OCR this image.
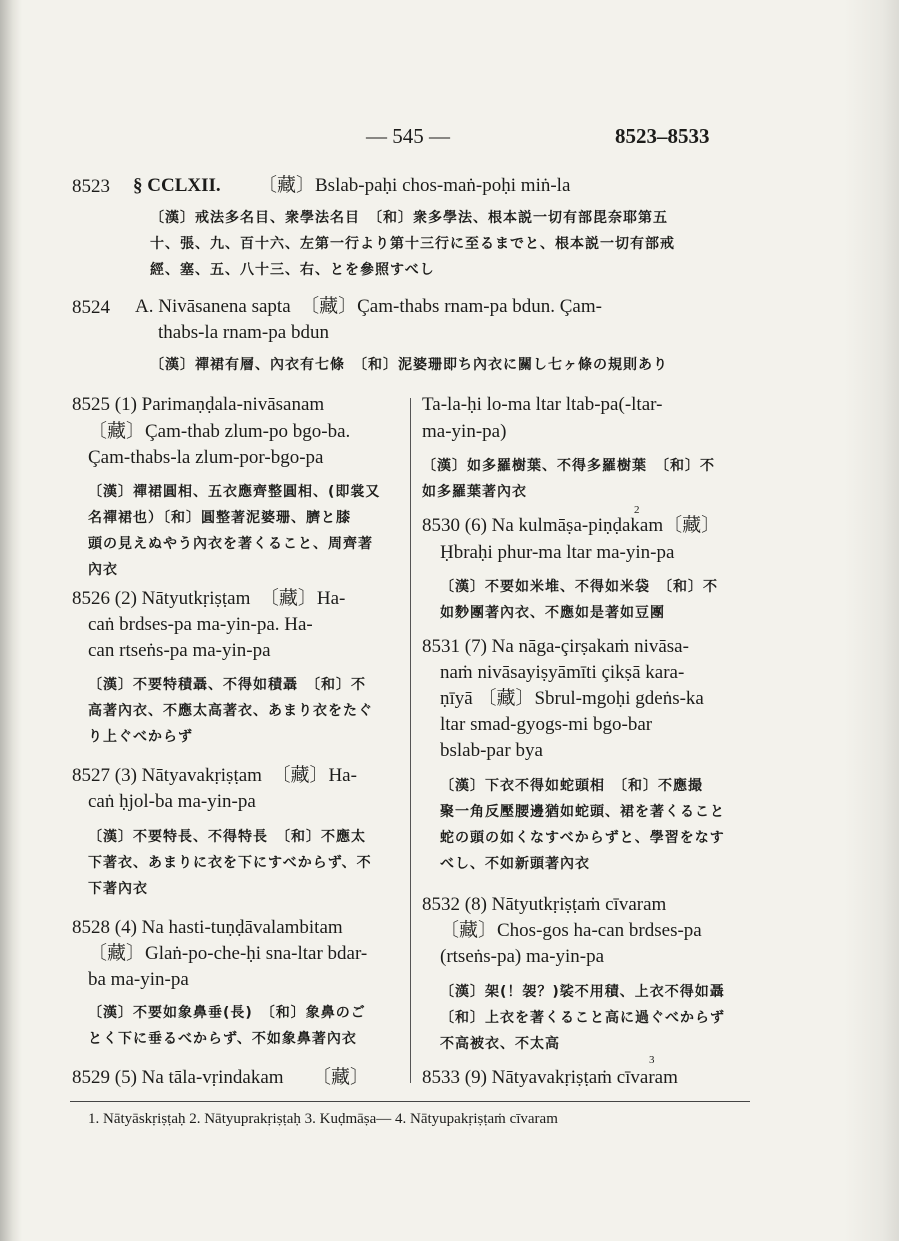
— 545 —	8523–8533
8523 § CCLXII. 〔藏〕Bslab-paḥi chos-maṅ-poḥi miṅ-la
〔漢〕戒法多名目、衆學法名目　〔和〕衆多學法、根本説一切有部毘奈耶第五
十、張、九、百十六、左第一行より第十三行に至るまでと、根本説一切有部戒
經、塞、五、八十三、右、とを參照すべし
8524 A. Nivāsanena sapta　〔藏〕Çam-thabs rnam-pa bdun. Çam-
thabs-la rnam-pa bdun
〔漢〕禪裙有層、內衣有七條　〔和〕泥婆珊即ち內衣に關し七ヶ條の規則あり
8525 (1) Parimaṇḍala-nivāsanam
〔藏〕Çam-thab zlum-po bgo-ba.
Çam-thabs-la zlum-por-bgo-pa
〔漢〕禪裙圓相、五衣應齊整圓相、(即裳又
名禪裙也）〔和〕圓整著泥婆珊、臍と膝
頭の見えぬやう內衣を著くること、周齊著
內衣
8526 (2) Nātyutkṛiṣṭam　〔藏〕Ha-
caṅ brdses-pa ma-yin-pa. Ha-
can rtseṅs-pa ma-yin-pa
〔漢〕不要特積聶、不得如積聶　〔和〕不
高著內衣、不應太高著衣、あまり衣をたぐ
り上ぐべからず
8527 (3) Nātyavakṛiṣṭam　〔藏〕Ha-
caṅ ḥjol-ba ma-yin-pa
〔漢〕不要特長、不得特長　〔和〕不應太
下著衣、あまりに衣を下にすべからず、不
下著內衣
8528 (4) Na hasti-tuṇḍāvalambitam
〔藏〕Glaṅ-po-che-ḥi sna-ltar bdar-
ba ma-yin-pa
〔漢〕不要如象鼻垂(長)　〔和〕象鼻のご
とく下に垂るべからず、不如象鼻著內衣
8529 (5) Na tāla-vṛindakam　　〔藏〕
Ta-la-ḥi lo-ma ltar ltab-pa(-ltar-
ma-yin-pa)
〔漢〕如多羅樹葉、不得多羅樹葉　〔和〕不
如多羅葉著內衣
8530 (6) Na kulmāṣa-piṇḍakam〔藏〕
Ḥbraḥi phur-ma ltar ma-yin-pa
〔漢〕不要如米堆、不得如米袋　〔和〕不
如麨團著內衣、不應如是著如豆團
8531 (7) Na nāga-çirṣakaṁ nivāsa-
naṁ nivāsayiṣyāmīti çikṣā kara-
ṇīyā 〔藏〕Sbrul-mgoḥi gdeṅs-ka
ltar smad-gyogs-mi bgo-bar
bslab-par bya
〔漢〕下衣不得如蛇頭相　〔和〕不應撮
聚一角反壓腰邊猶如蛇頭、裙を著くること
蛇の頭の如くなすべからずと、學習をなす
べし、不如新頭著內衣
8532 (8) Nātyutkṛiṣṭaṁ cīvaram
〔藏〕Chos-gos ha-can brdses-pa
(rtseṅs-pa) ma-yin-pa
〔漢〕架(！袈？)裟不用積、上衣不得如聶
〔和〕上衣を著くること高に過ぐべからず
不高被衣、不太高
8533 (9) Nātyavakṛiṣṭaṁ cīvaram
2
3
1. Nātyāskṛiṣṭaḥ 2. Nātyuprakṛiṣṭaḥ 3. Kuḍmāṣa— 4. Nātyupakṛiṣṭaṁ cīvaram
